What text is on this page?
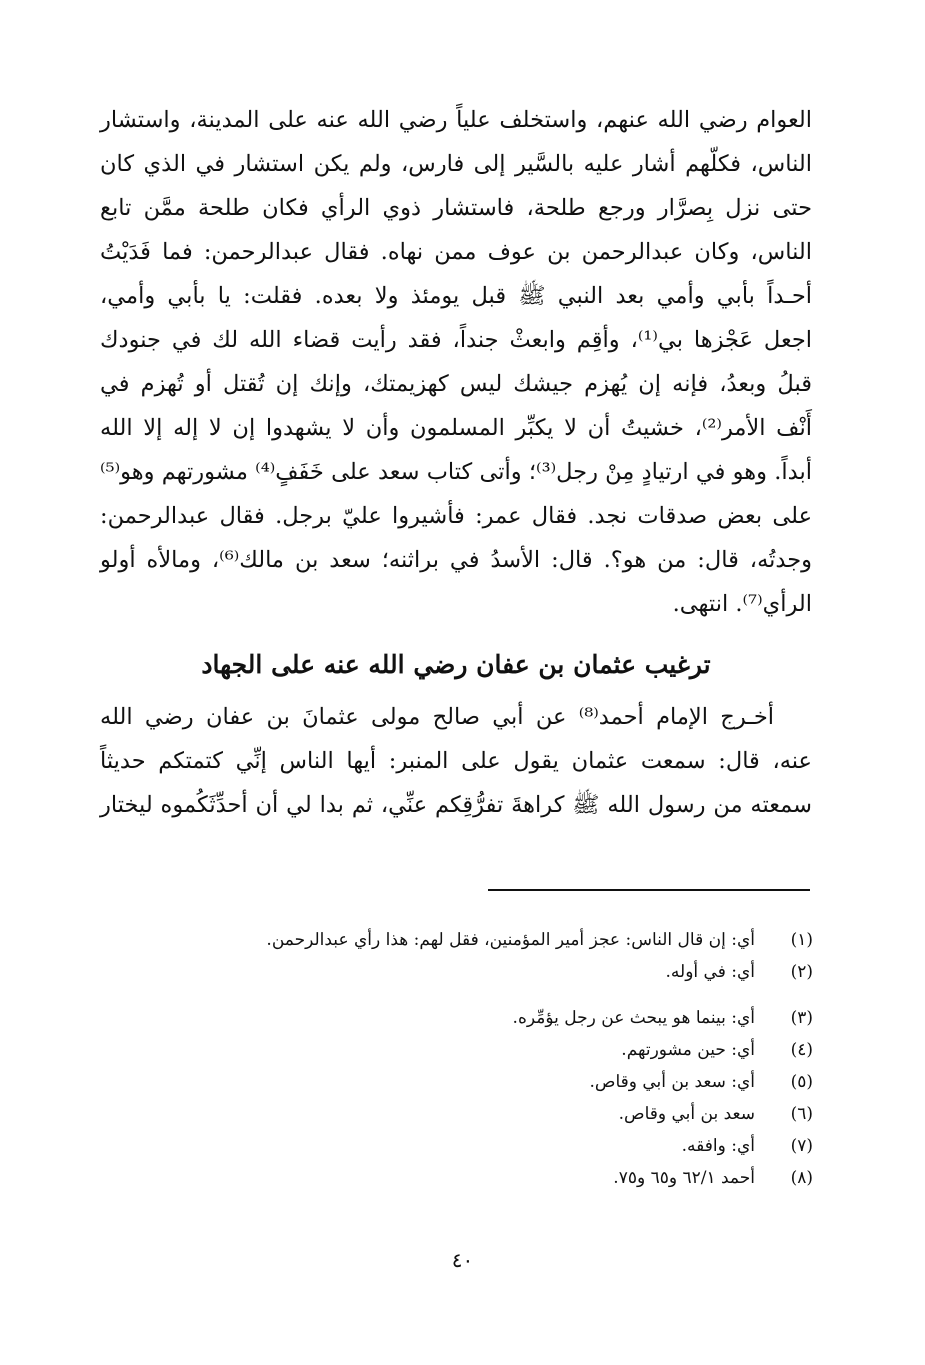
العوام رضي الله عنهم، واستخلف علياً رضي الله عنه على المدينة، واستشار
الناس، فكلّهم أشار عليه بالسَّير إلى فارس، ولم يكن استشار في الذي كان
حتى نزل بِصرَّار ورجع طلحة، فاستشار ذوي الرأي فكان طلحة ممَّن تابع
الناس، وكان عبدالرحمن بن عوف ممن نهاه. فقال عبدالرحمن: فما فَدَيْتُ
أحـداً بأبي وأمي بعد النبي ﷺ قبل يومئذ ولا بعده. فقلت: يا بأبي وأمي،
اجعل عَجْزها بي⁽¹⁾، وأقِم وابعثْ جنداً، فقد رأيت قضاء الله لك في جنودك
قبلُ وبعدُ، فإنه إن يُهزم جيشك ليس كهزيمتك، وإنك إن تُقتل أو تُهزم في
أَنْف الأمر⁽²⁾، خشيتُ أن لا يكبِّر المسلمون وأن لا يشهدوا إن لا إله إلا الله
أبداً. وهو في ارتيادٍ مِنْ رجل⁽³⁾؛ وأتى كتاب سعد على خَفَفٍ⁽⁴⁾ مشورتهم وهو⁽⁵⁾
على بعض صدقات نجد. فقال عمر: فأشيروا عليّ برجل. فقال عبدالرحمن:
وجدتُه، قال: من هو؟. قال: الأسدُ في براثنه؛ سعد بن مالك⁽⁶⁾، ومالأه أولو
الرأي⁽⁷⁾. انتهى.
ترغيب عثمان بن عفان رضي الله عنه على الجهاد
أخـرج الإمام أحمد⁽⁸⁾ عن أبي صالح مولى عثمانَ بن عفان رضي الله
عنه، قال: سمعت عثمان يقول على المنبر: أيها الناس إنِّي كتمتكم حديثاً
سمعته من رسول الله ﷺ كراهةَ تفرُّقِكم عنِّي، ثم بدا لي أن أحدِّثَكُموه ليختار
(١)
أي: إن قال الناس: عجز أمير المؤمنين، فقل لهم: هذا رأي عبدالرحمن.
(٢)
أي: في أوله.
(٣)
أي: بينما هو يبحث عن رجل يؤمِّره.
(٤)
أي: حين مشورتهم.
(٥)
أي: سعد بن أبي وقاص.
(٦)
سعد بن أبي وقاص.
(٧)
أي: وافقه.
(٨)
أحمد ٦٢/١ و٦٥ و٧٥.
٤٠
